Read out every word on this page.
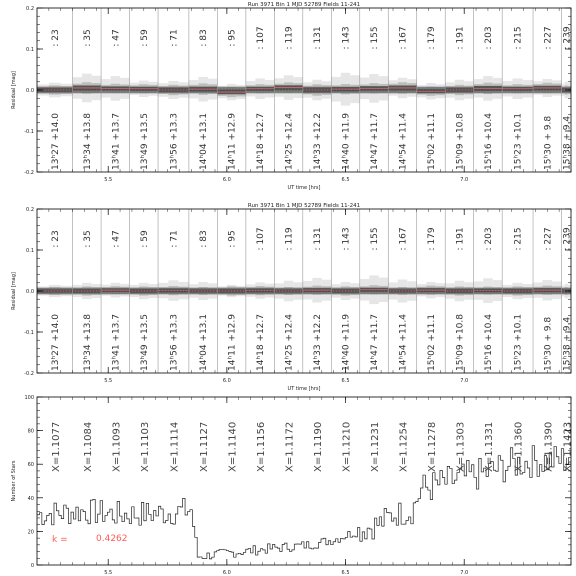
: 23
13ʰ27 +14.0
: 35
13ʰ34 +13.8
: 47
13ʰ41 +13.7
: 59
13ʰ49 +13.5
: 71
13ʰ56 +13.3
: 83
14ʰ04 +13.1
: 95
14ʰ11 +12.9
: 107
14ʰ18 +12.7
: 119
14ʰ25 +12.4
: 131
14ʰ33 +12.2
: 143
14ʰ40 +11.9
: 155
14ʰ47 +11.7
: 167
14ʰ54 +11.4
: 179
15ʰ02 +11.1
: 191
15ʰ09 +10.8
: 203
15ʰ16 +10.4
: 215
15ʰ23 +10.1
: 227
15ʰ30 + 9.8
: 239
15ʰ38 + 9.4
-0.2
-0.1
0.0
0.1
0.2
5.5	6.0	6.5	7.0
UT time [hrs]
Residual [mag]
Run 3971 Bin 1 MJD 52789 Fields 11-241
: 23
13ʰ27 +14.0
: 35
13ʰ34 +13.8
: 47
13ʰ41 +13.7
: 59
13ʰ49 +13.5
: 71
13ʰ56 +13.3
: 83
14ʰ04 +13.1
: 95
14ʰ11 +12.9
: 107
14ʰ18 +12.7
: 119
14ʰ25 +12.4
: 131
14ʰ33 +12.2
: 143
14ʰ40 +11.9
: 155
14ʰ47 +11.7
: 167
14ʰ54 +11.4
: 179
15ʰ02 +11.1
: 191
15ʰ09 +10.8
: 203
15ʰ16 +10.4
: 215
15ʰ23 +10.1
: 227
15ʰ30 + 9.8
: 239
15ʰ38 + 9.4
-0.2
-0.1
0.0
0.1
0.2
5.5	6.0	6.5	7.0
UT time [hrs]
Residual [mag]
Run 3971 Bin 1 MJD 52789 Fields 11-241
X=1.1077 X=1.1084 X=1.1093 X=1.1103 X=1.1114 X=1.1127 X=1.1140 X=1.1156 X=1.1172 X=1.1190 X=1.1210 X=1.1231 X=1.1254 X=1.1278 X=1.1303 X=1.1331 X=1.1360 X=1.1390 X=1.1423
k =	0.4262
0
20
40
60
80
100
5.5	6.0	6.5	7.0
Number of Stars
